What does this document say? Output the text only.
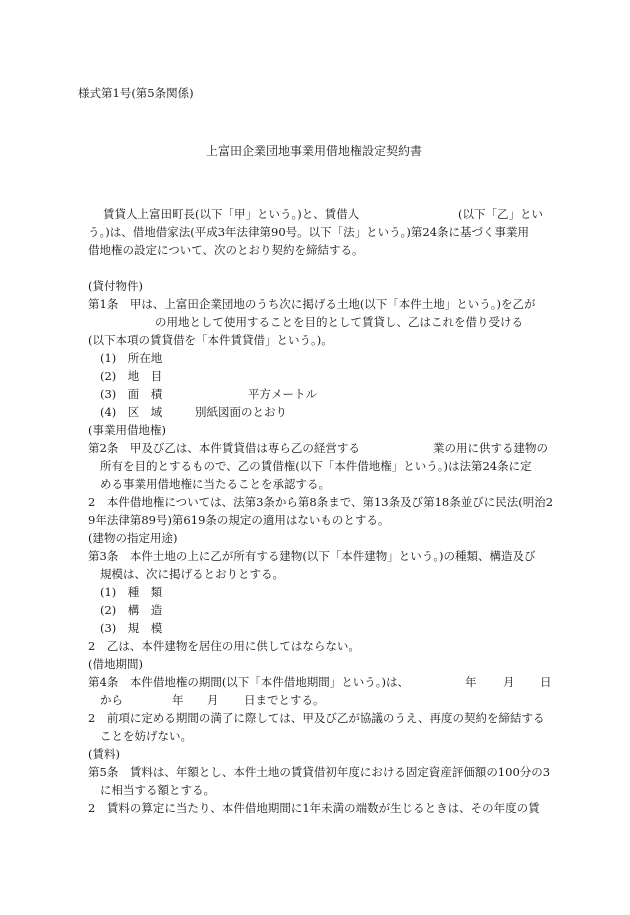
様式第1号(第5条関係)
上富田企業団地事業用借地権設定契約書
賃貸人上富田町長(以下「甲」という。)と、賃借人	(以下「乙」とい
う。)は、借地借家法(平成3年法律第90号。以下「法」という。)第24条に基づく事業用
借地権の設定について、次のとおり契約を締結する。
(貸付物件)
第1条　甲は、上富田企業団地のうち次に掲げる土地(以下「本件土地」という。)を乙が
の用地として使用することを目的として賃貸し、乙はこれを借り受ける
(以下本項の賃貸借を「本件賃貸借」という。)。
(1)　所在地
(2)　地　目
(3)　面　積	平方メートル
(4)　区　域	別紙図面のとおり
(事業用借地権)
第2条　甲及び乙は、本件賃貸借は専ら乙の経営する	業の用に供する建物の
所有を目的とするもので、乙の賃借権(以下「本件借地権」という。)は法第24条に定
める事業用借地権に当たることを承認する。
2　本件借地権については、法第3条から第8条まで、第13条及び第18条並びに民法(明治2
9年法律第89号)第619条の規定の適用はないものとする。
(建物の指定用途)
第3条　本件土地の上に乙が所有する建物(以下「本件建物」という。)の種類、構造及び
規模は、次に掲げるとおりとする。
(1)　種　類
(2)　構　造
(3)　規　模
2　乙は、本件建物を居住の用に供してはならない。
(借地期間)
第4条　本件借地権の期間(以下「本件借地期間」という。)は、	年 月 日
から	年 月 日までとする。
2　前項に定める期間の満了に際しては、甲及び乙が協議のうえ、再度の契約を締結する
ことを妨げない。
(賃料)
第5条　賃料は、年額とし、本件土地の賃貸借初年度における固定資産評価額の100分の3
に相当する額とする。
2　賃料の算定に当たり、本件借地期間に1年未満の端数が生じるときは、その年度の賃
